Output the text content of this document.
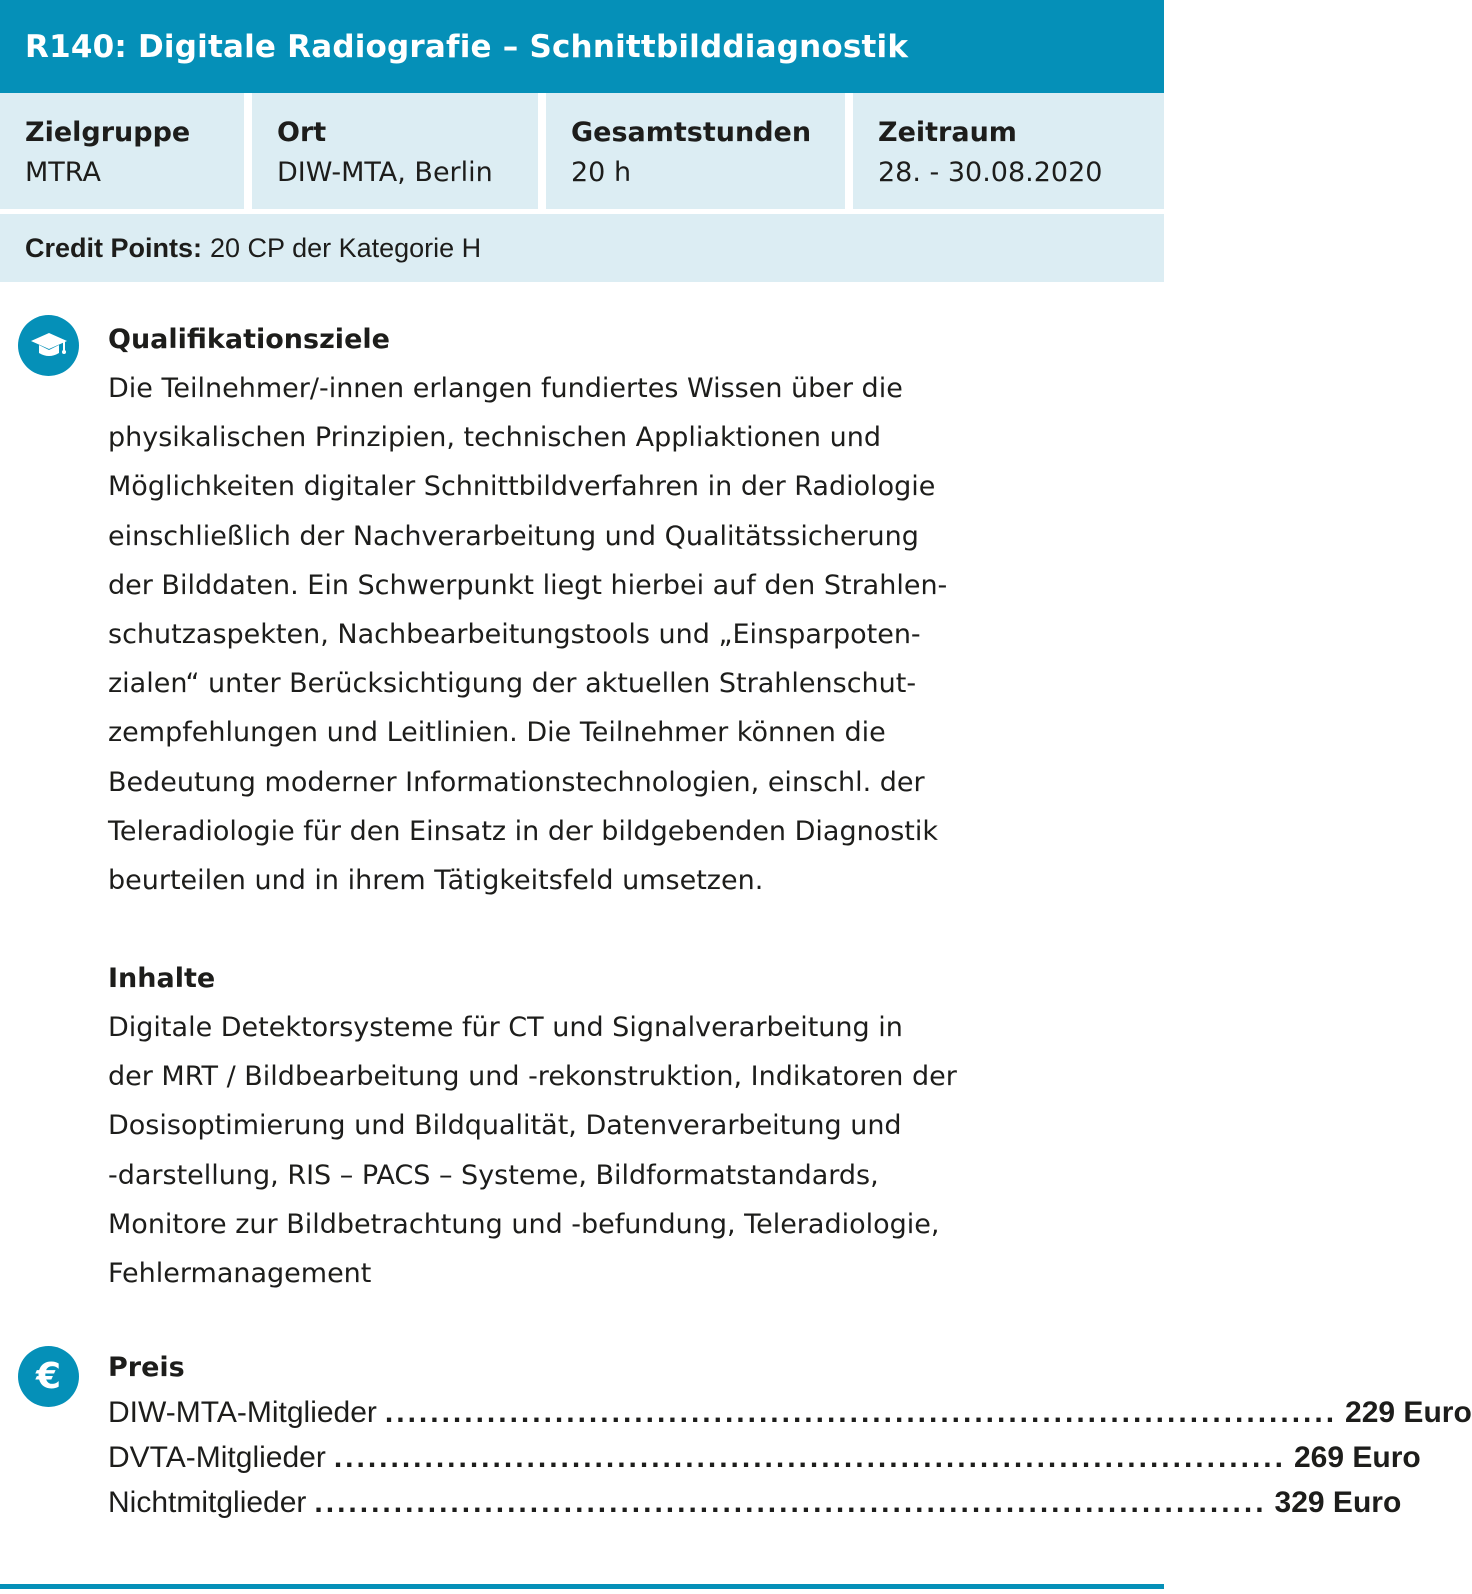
R140: Digitale Radiografie – Schnittbilddiagnostik
Zielgruppe
MTRA
Ort
DIW-MTA, Berlin
Gesamtstunden
20 h
Zeitraum
28. - 30.08.2020
Credit Points: 20 CP der Kategorie H
Qualifikationsziele
Die Teilnehmer/-innen erlangen fundiertes Wissen über die
physikalischen Prinzipien, technischen Appliaktionen und
Möglichkeiten digitaler Schnittbildverfahren in der Radiologie
einschließlich der Nachverarbeitung und Qualitätssicherung
der Bilddaten. Ein Schwerpunkt liegt hierbei auf den Strahlen-
schutzaspekten, Nachbearbeitungstools und „Einsparpoten-
zialen“ unter Berücksichtigung der aktuellen Strahlenschut-
zempfehlungen und Leitlinien. Die Teilnehmer können die
Bedeutung moderner Informationstechnologien, einschl. der
Teleradiologie für den Einsatz in der bildgebenden Diagnostik
beurteilen und in ihrem Tätigkeitsfeld umsetzen.
Inhalte
Digitale Detektorsysteme für CT und Signalverarbeitung in
der MRT / Bildbearbeitung und -rekonstruktion, Indikatoren der
Dosisoptimierung und Bildqualität, Datenverarbeitung und
-darstellung, RIS – PACS – Systeme, Bildformatstandards,
Monitore zur Bildbetrachtung und -befundung, Teleradiologie,
Fehlermanagement
€ Preis
DIW-MTA-Mitglieder .................................................................................... 229 Euro
DVTA-Mitglieder .................................................................................... 269 Euro
Nichtmitglieder .................................................................................... 329 Euro
